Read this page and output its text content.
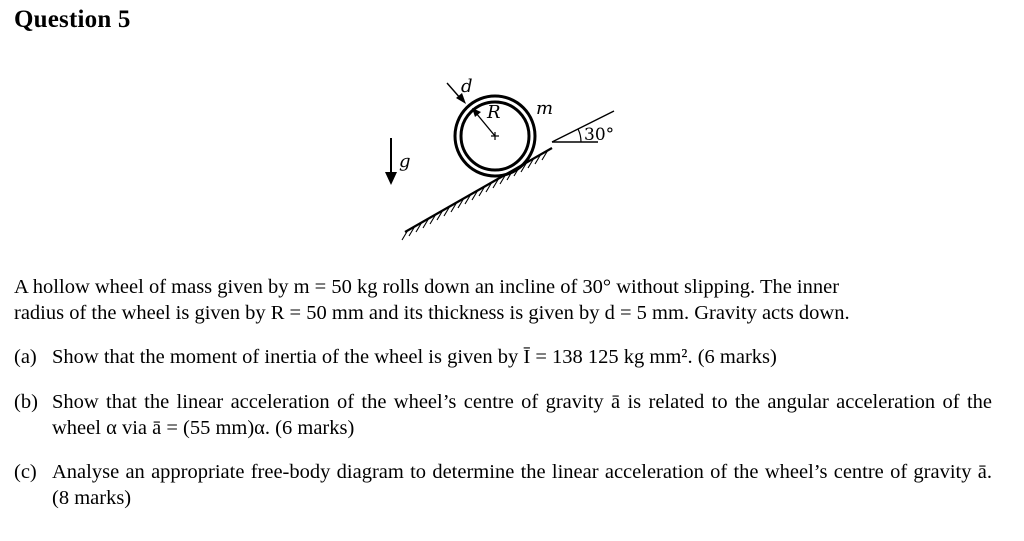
Question 5
R
d
m
30°
g
A hollow wheel of mass given by m = 50 kg rolls down an incline of 30° without slipping. The inner
radius of the wheel is given by R = 50 mm and its thickness is given by d = 5 mm. Gravity acts down.
(a) Show that the moment of inertia of the wheel is given by Ī = 138 125 kg mm². (6 marks)
(b) Show that the linear acceleration of the wheel’s centre of gravity ā is related to the angular acceleration of the wheel α via ā = (55 mm)α. (6 marks)
(c) Analyse an appropriate free-body diagram to determine the linear acceleration of the wheel’s centre of gravity ā. (8 marks)
